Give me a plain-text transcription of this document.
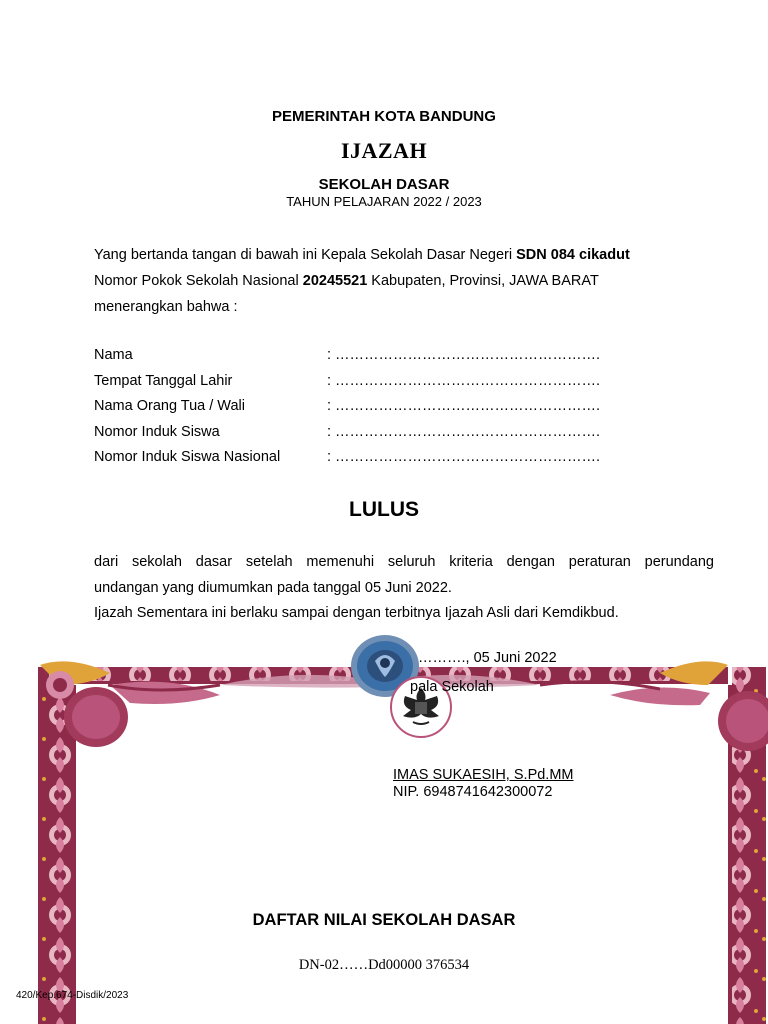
PEMERINTAH KOTA BANDUNG
IJAZAH
SEKOLAH DASAR
TAHUN PELAJARAN 2022 / 2023
Yang bertanda tangan di bawah ini Kepala Sekolah Dasar Negeri SDN 084 cikadut
Nomor Pokok Sekolah Nasional 20245521 Kabupaten, Provinsi, JAWA BARAT
menerangkan bahwa :
Nama	: ……………………………………………….
Tempat Tanggal Lahir	: ……………………………………………….
Nama Orang Tua / Wali	: ……………………………………………….
Nomor Induk Siswa	: ……………………………………………….
Nomor Induk Siswa Nasional	: ……………………………………………….
LULUS
dari sekolah dasar setelah memenuhi seluruh kriteria dengan peraturan perundang
undangan yang diumumkan pada tanggal 05 Juni 2022.
Ijazah Sementara ini berlaku sampai dengan terbitnya Ijazah Asli dari Kemdikbud.
………., 05 Juni 2022
pala Sekolah
IMAS SUKAESIH, S.Pd.MM
NIP. 6948741642300072
DAFTAR NILAI SEKOLAH DASAR
DN-02……Dd00000 376534
420/Kep.674-Disdik/2023
